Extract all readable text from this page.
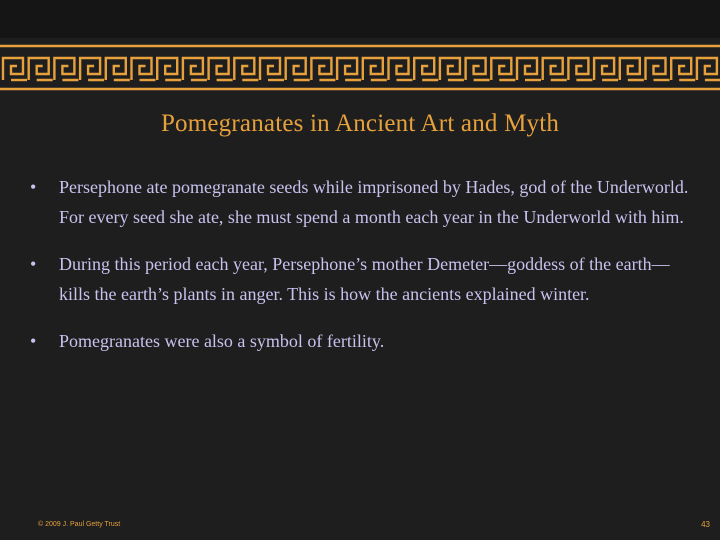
Pomegranates in Ancient Art and Myth
•	Persephone ate pomegranate seeds while imprisoned by Hades, god of the Underworld. For every seed she ate, she must spend a month each year in the Underworld with him.
•	During this period each year, Persephone’s mother Demeter—goddess of the earth—kills the earth’s plants in anger. This is how the ancients explained winter.
•	Pomegranates were also a symbol of fertility.
© 2009 J. Paul Getty Trust	43
